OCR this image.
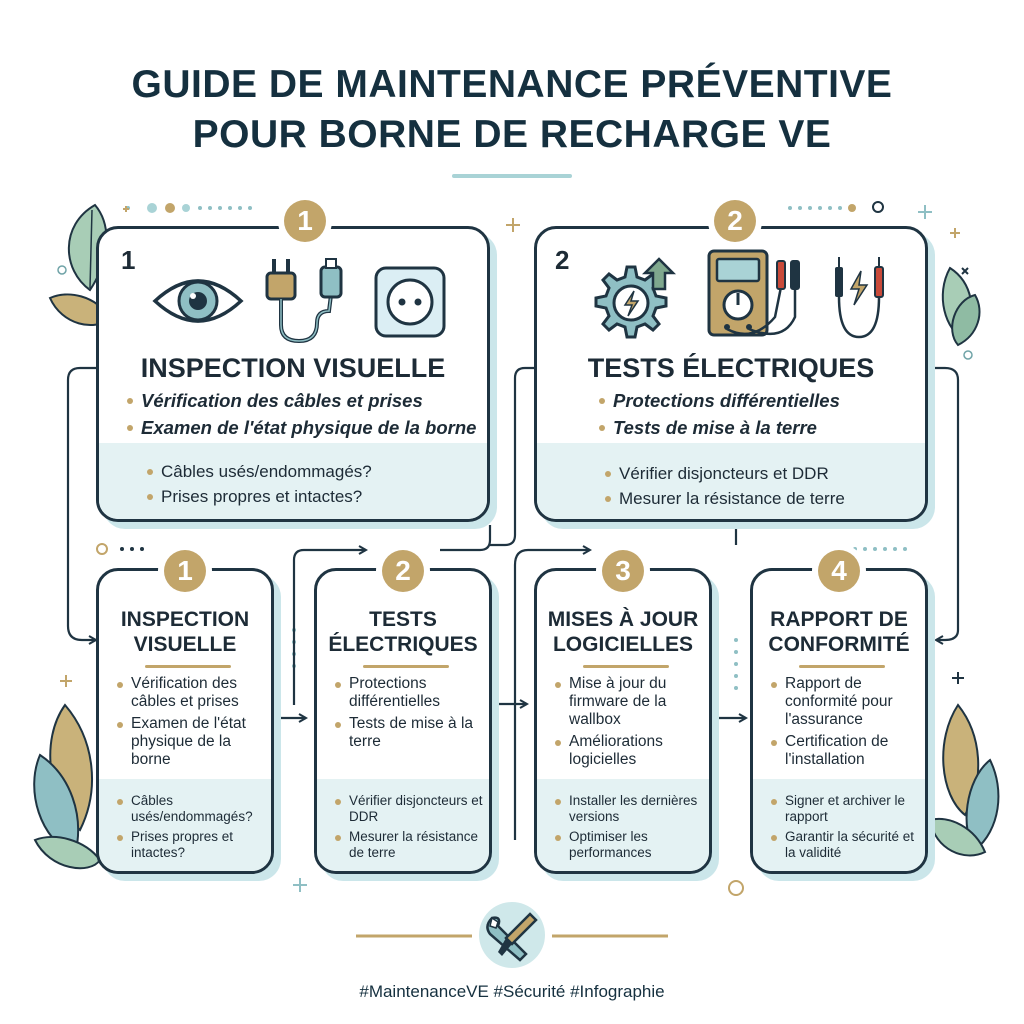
GUIDE DE MAINTENANCE PRÉVENTIVE
POUR BORNE DE RECHARGE VE
1
INSPECTION VISUELLE
Vérification des câbles et prises
Examen de l'état physique de la borne
Câbles usés/endommagés?
Prises propres et intactes?
1
2
TESTS ÉLECTRIQUES
Protections différentielles
Tests de mise à la terre
Vérifier disjoncteurs et DDR
Mesurer la résistance de terre
2
INSPECTION
VISUELLE
Vérification des câbles et prises
Examen de l'état physique de la borne
Câbles usés/endommagés?
Prises propres et intactes?
1
TESTS
ÉLECTRIQUES
Protections différentielles
Tests de mise à la terre
Vérifier disjoncteurs et DDR
Mesurer la résistance de terre
2
MISES À JOUR
LOGICIELLES
Mise à jour du firmware de la wallbox
Améliorations logicielles
Installer les dernières versions
Optimiser les performances
3
RAPPORT DE
CONFORMITÉ
Rapport de conformité pour l'assurance
Certification de l'installation
Signer et archiver le rapport
Garantir la sécurité et la validité
4
#MaintenanceVE #Sécurité #Infographie
